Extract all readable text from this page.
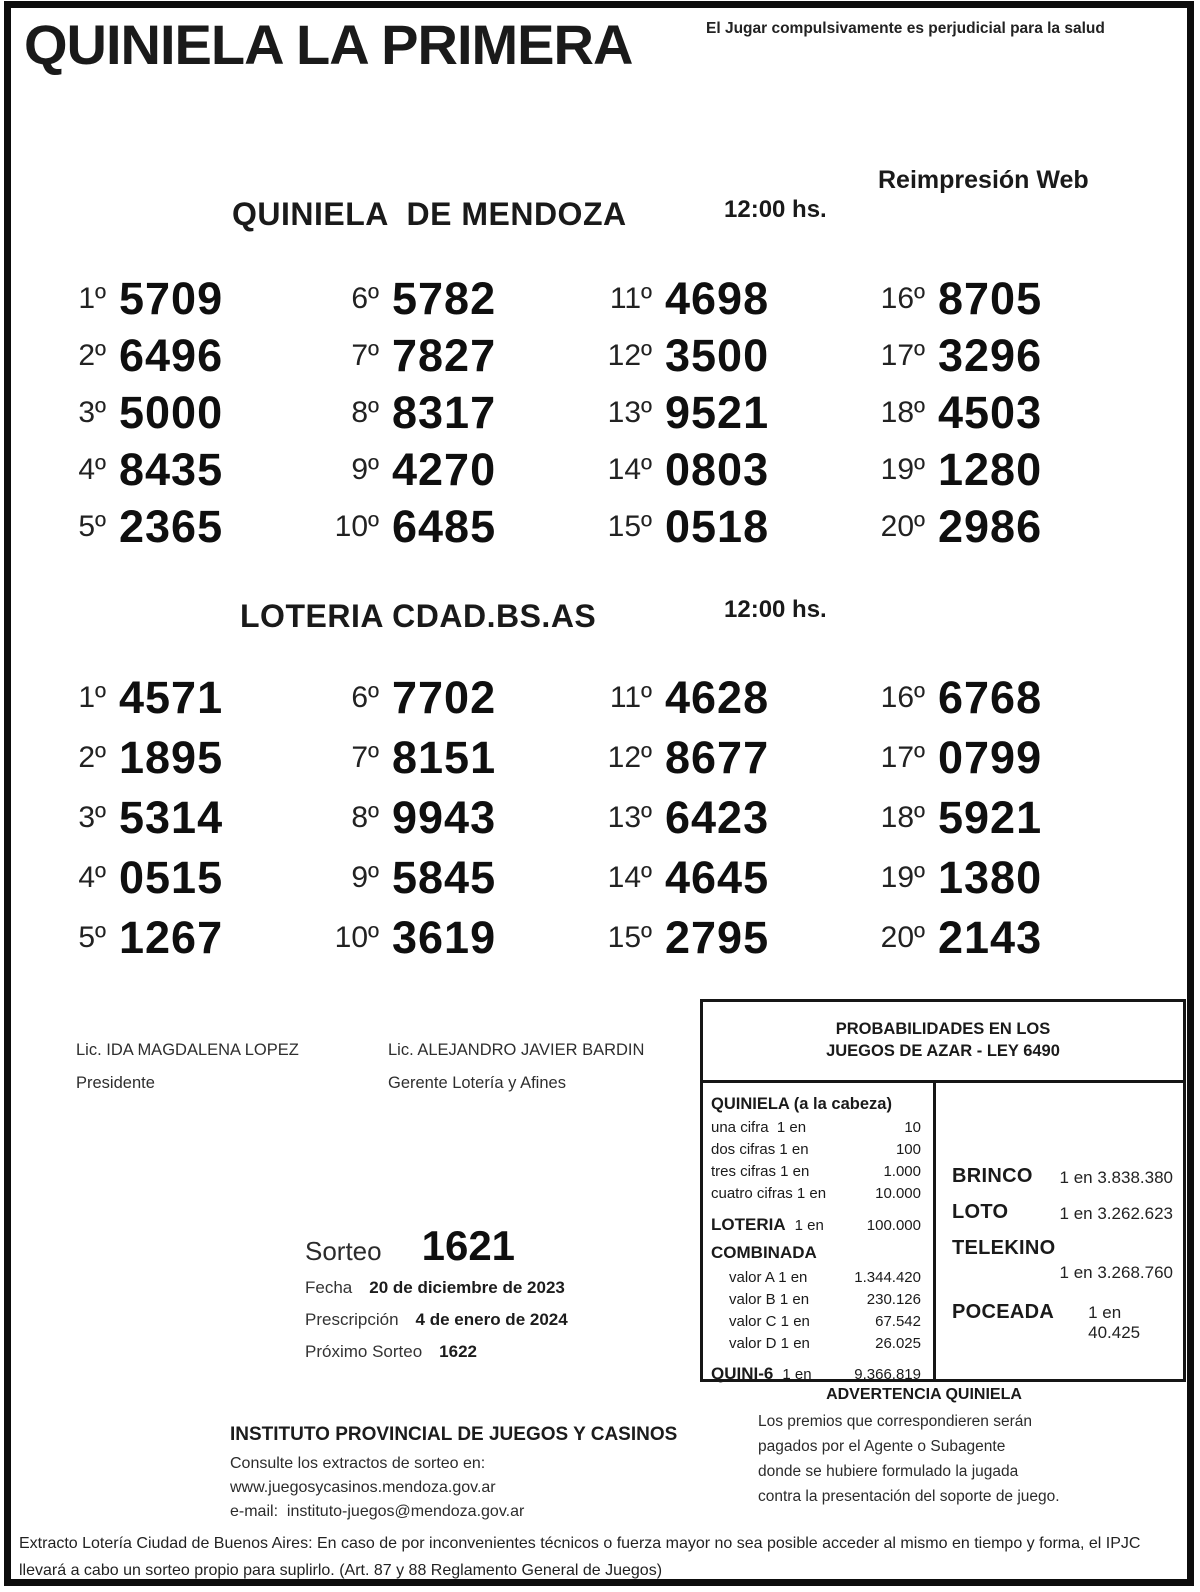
QUINIELA LA PRIMERA	El Jugar compulsivamente es perjudicial para la salud
QUINIELA  DE MENDOZA	12:00 hs.
Reimpresión Web
1º 5709	6º 5782	11º 4698	16º 8705
2º 6496	7º 7827	12º 3500	17º 3296
3º 5000	8º 8317	13º 9521	18º 4503
4º 8435	9º 4270	14º 0803	19º 1280
5º 2365	10º 6485	15º 0518	20º 2986
LOTERIA CDAD.BS.AS	12:00 hs.
1º 4571	6º 7702	11º 4628	16º 6768
2º 1895	7º 8151	12º 8677	17º 0799
3º 5314	8º 9943	13º 6423	18º 5921
4º 0515	9º 5845	14º 4645	19º 1380
5º 1267	10º 3619	15º 2795	20º 2143
Lic. IDA MAGDALENA LOPEZ
Presidente
Lic. ALEJANDRO JAVIER BARDIN
Gerente Lotería y Afines
PROBABILIDADES EN LOS
JUEGOS DE AZAR - LEY 6490
QUINIELA (a la cabeza)
una cifra  1 en	10
dos cifras 1 en	100
tres cifras 1 en	1.000
cuatro cifras 1 en	10.000
LOTERIA 1 en	100.000
COMBINADA
valor A 1 en	1.344.420
valor B 1 en	230.126
valor C 1 en	67.542
valor D 1 en	26.025
QUINI-6 1 en	9.366.819
BRINCO 1 en 3.838.380
LOTO	1 en 3.262.623
TELEKINO
1 en 3.268.760
POCEADA 1 en 40.425
Sorteo 1621
Fecha 20 de diciembre de 2023
Prescripción 4 de enero de 2024
Próximo Sorteo 1622
INSTITUTO PROVINCIAL DE JUEGOS Y CASINOS
Consulte los extractos de sorteo en:
www.juegosycasinos.mendoza.gov.ar
e-mail:  instituto-juegos@mendoza.gov.ar
ADVERTENCIA QUINIELA
Los premios que correspondieren serán
pagados por el Agente o Subagente
donde se hubiere formulado la jugada
contra la presentación del soporte de juego.
Extracto Lotería Ciudad de Buenos Aires: En caso de por inconvenientes técnicos o fuerza mayor no sea posible acceder al mismo en tiempo y forma, el IPJC llevará a cabo un sorteo propio para suplirlo. (Art. 87 y 88 Reglamento General de Juegos)
